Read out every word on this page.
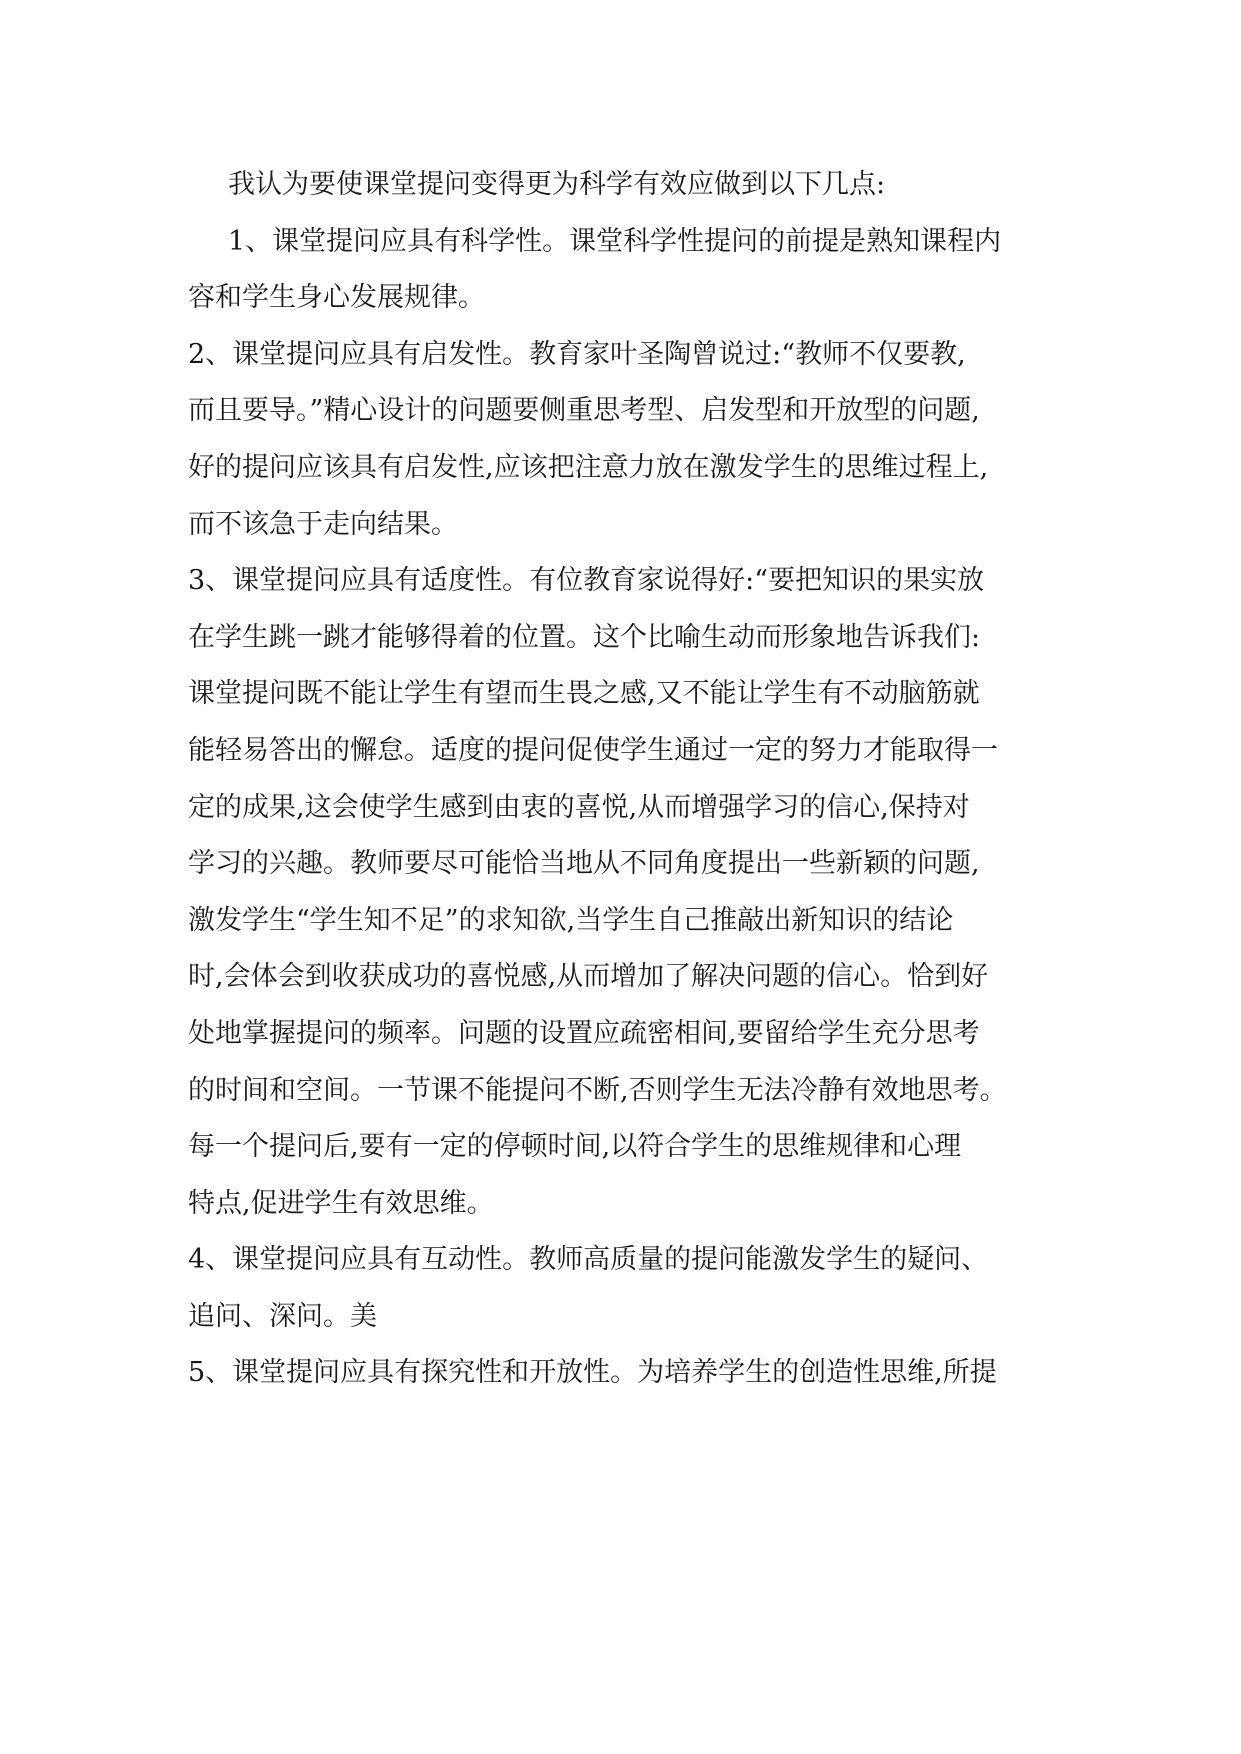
我认为要使课堂提问变得更为科学有效应做到以下几点:
1、课堂提问应具有科学性。课堂科学性提问的前提是熟知课程内
容和学生身心发展规律。
2、课堂提问应具有启发性。教育家叶圣陶曾说过:“教师不仅要教,
而且要导。”精心设计的问题要侧重思考型、启发型和开放型的问题,
好的提问应该具有启发性,应该把注意力放在激发学生的思维过程上,
而不该急于走向结果。
3、课堂提问应具有适度性。有位教育家说得好:“要把知识的果实放
在学生跳一跳才能够得着的位置。这个比喻生动而形象地告诉我们:
课堂提问既不能让学生有望而生畏之感,又不能让学生有不动脑筋就
能轻易答出的懈怠。适度的提问促使学生通过一定的努力才能取得一
定的成果,这会使学生感到由衷的喜悦,从而增强学习的信心,保持对
学习的兴趣。教师要尽可能恰当地从不同角度提出一些新颖的问题,
激发学生“学生知不足”的求知欲,当学生自己推敲出新知识的结论
时,会体会到收获成功的喜悦感,从而增加了解决问题的信心。恰到好
处地掌握提问的频率。问题的设置应疏密相间,要留给学生充分思考
的时间和空间。一节课不能提问不断,否则学生无法冷静有效地思考。
每一个提问后,要有一定的停顿时间,以符合学生的思维规律和心理
特点,促进学生有效思维。
4、课堂提问应具有互动性。教师高质量的提问能激发学生的疑问、
追问、深问。美
5、课堂提问应具有探究性和开放性。为培养学生的创造性思维,所提
